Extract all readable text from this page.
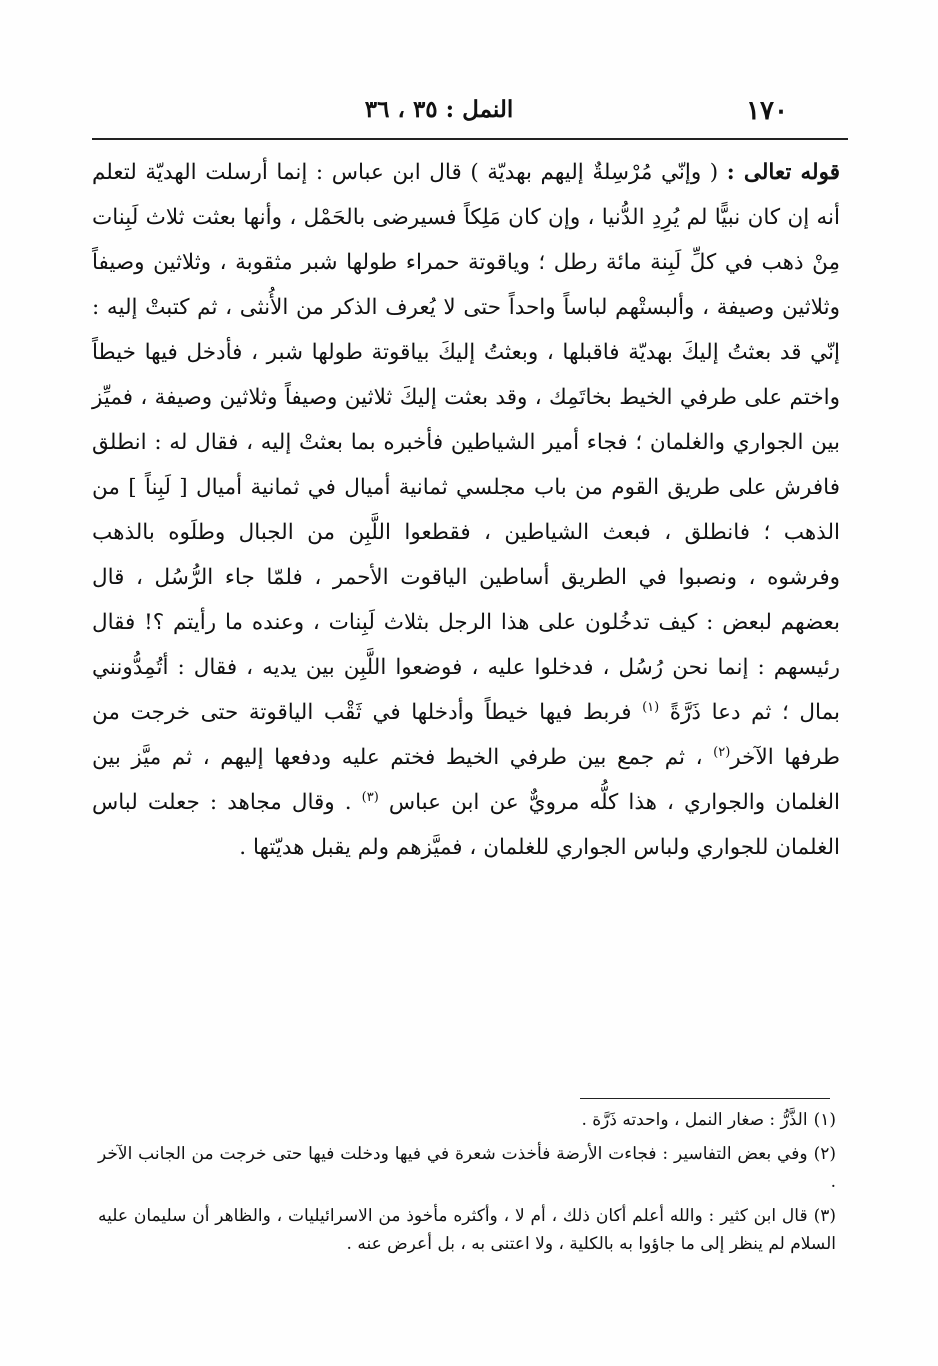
١٧٠
النمل : ٣٥ ، ٣٦
قوله تعالى : ( وإنّي مُرْسِلةٌ إليهم بهديّة ) قال ابن عباس : إنما أرسلت الهديّة لتعلم أنه إن كان نبيًّا لم يُرِدِ الدُّنيا ، وإن كان مَلِكاً فسيرضى بالحَمْل ، وأنها بعثت ثلاث لَبِنات مِنْ ذهب في كلِّ لَبِنة مائة رطل ؛ وياقوتة حمراء طولها شبر مثقوبة ، وثلاثين وصيفاً وثلاثين وصيفة ، وألبستْهم لباساً واحداً حتى لا يُعرف الذكر من الأُنثى ، ثم كتبتْ إليه : إنّي قد بعثتُ إليكَ بهديّة فاقبلها ، وبعثتُ إليكَ بياقوتة طولها شبر ، فأدخل فيها خيطاً واختم على طرفي الخيط بخاتَمِك ، وقد بعثت إليكَ ثلاثين وصيفاً وثلاثين وصيفة ، فميِّز بين الجواري والغلمان ؛ فجاء أمير الشياطين فأخبره بما بعثتْ إليه ، فقال له : انطلق فافرش على طريق القوم من باب مجلسي ثمانية أميال في ثمانية أميال [ لَبِناً ] من الذهب ؛ فانطلق ، فبعث الشياطين ، فقطعوا اللَّبِن من الجبال وطلَوه بالذهب وفرشوه ، ونصبوا في الطريق أساطين الياقوت الأحمر ، فلمّا جاء الرُّسُل ، قال بعضهم لبعض : كيف تدخُلون على هذا الرجل بثلاث لَبِنات ، وعنده ما رأيتم ؟! فقال رئيسهم : إنما نحن رُسُل ، فدخلوا عليه ، فوضعوا اللَّبِن بين يديه ، فقال : أتُمِدُّونني بمال ؛ ثم دعا ذَرَّةً $^{(١)}$ فربط فيها خيطاً وأدخلها في ثَقْب الياقوتة حتى خرجت من طرفها الآخر$^{(٢)}$ ، ثم جمع بين طرفي الخيط فختم عليه ودفعها إليهم ، ثم ميَّز بين الغلمان والجواري ، هذا كلُّه مرويٌّ عن ابن عباس $^{(٣)}$ . وقال مجاهد : جعلت لباس الغلمان للجواري ولباس الجواري للغلمان ، فميَّزهم ولم يقبل هديّتها .

(١)الذَّرُّ : صغار النمل ، واحدته ذَرَّة .

(٢)وفي بعض التفاسير : فجاءت الأرضة فأخذت شعرة في فيها ودخلت فيها حتى خرجت من الجانب الآخر .

(٣)قال ابن كثير : والله أعلم أكان ذلك ، أم لا ، وأكثره مأخوذ من الاسرائيليات ، والظاهر أن سليمان عليه السلام لم ينظر إلى ما جاؤوا به بالكلية ، ولا اعتنى به ، بل أعرض عنه .
